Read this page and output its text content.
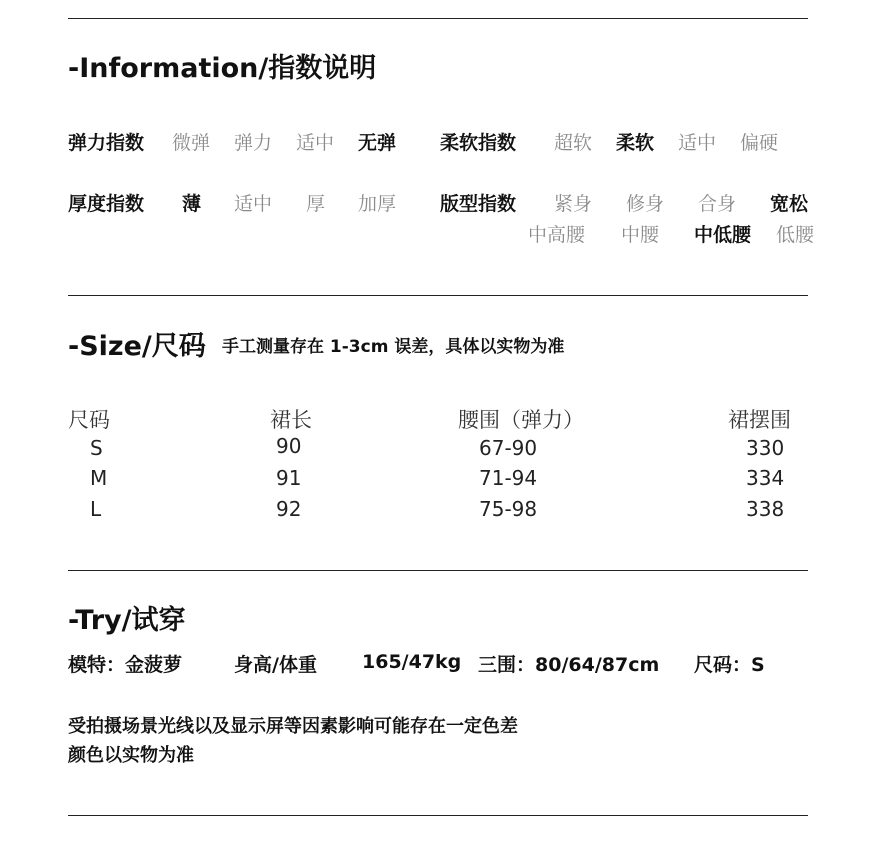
-Information/指数说明
弹力指数 微弹 弹力 适中 无弹 柔软指数 超软 柔软 适中 偏硬
厚度指数 薄 适中 厚 加厚 版型指数 紧身 修身 合身 宽松
中高腰 中腰 中低腰 低腰
-Size/尺码 手工测量存在 1-3cm 误差，具体以实物为准
尺码	裙长	腰围（弹力）	裙摆围
S	90	67-90	330
M	91	71-94	334
L	92	75-98	338
-Try/试穿
模特：金菠萝	身高/体重 165/47kg 三围：80/64/87cm 尺码：S
受拍摄场景光线以及显示屏等因素影响可能存在一定色差
颜色以实物为准
